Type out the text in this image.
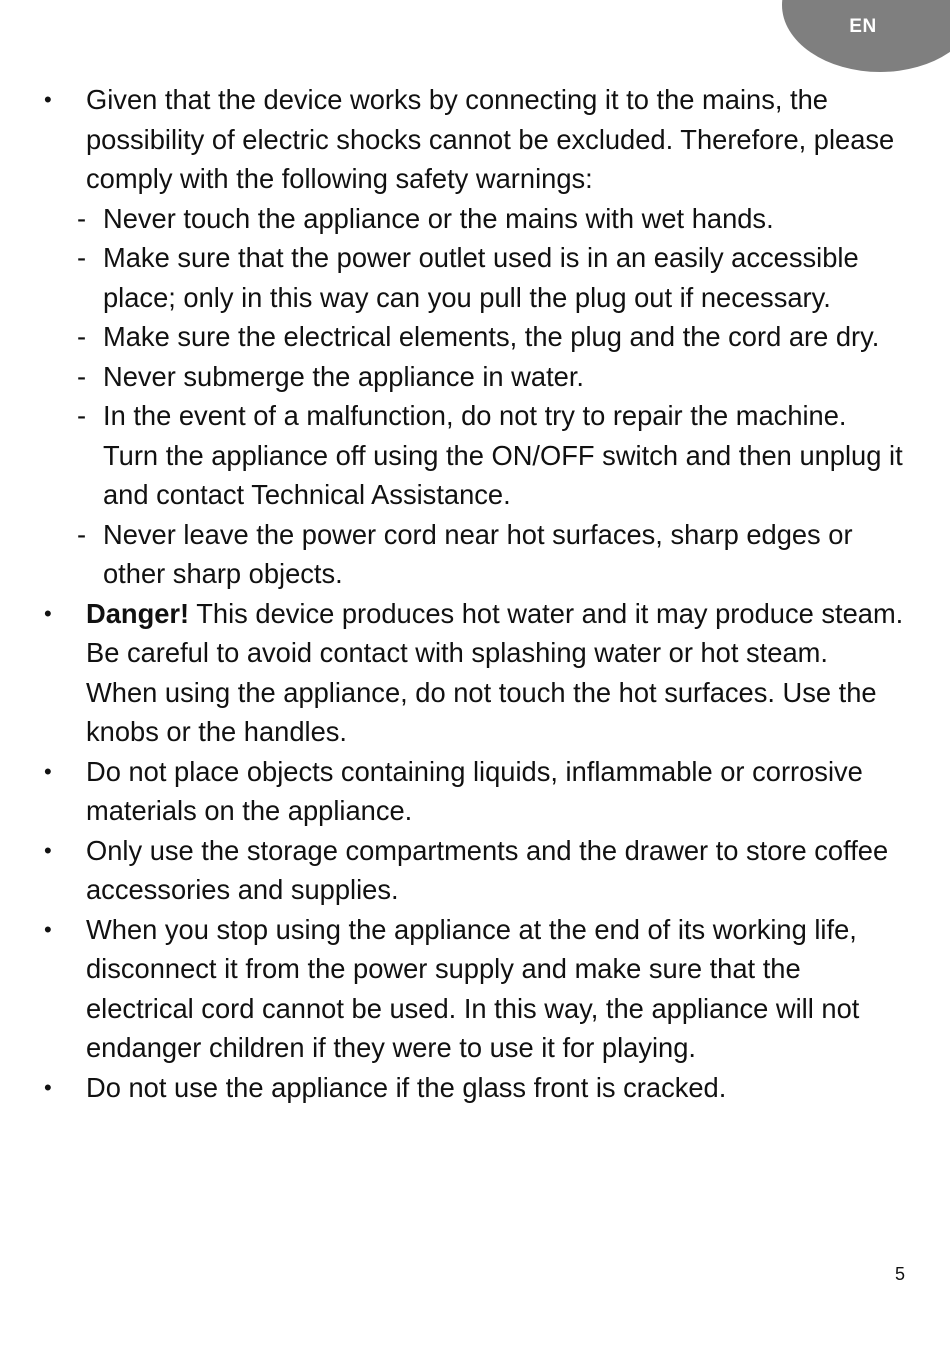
EN
• Given that the device works by connecting it to the mains, the possibility of electric shocks cannot be excluded. Therefore, please comply with the following safety warnings:
- Never touch the appliance or the mains with wet hands.
- Make sure that the power outlet used is in an easily accessible place; only in this way can you pull the plug out if necessary.
- Make sure the electrical elements, the plug and the cord are dry.
- Never submerge the appliance in water.
- In the event of a malfunction, do not try to repair the machine. Turn the appliance off using the ON/OFF switch and then unplug it and contact Technical Assistance.
- Never leave the power cord near hot surfaces, sharp edges or other sharp objects.
• Danger! This device produces hot water and it may produce steam. Be careful to avoid contact with splashing water or hot steam. When using the appliance, do not touch the hot surfaces. Use the knobs or the handles.
• Do not place objects containing liquids, inflammable or corrosive materials on the appliance.
• Only use the storage compartments and the drawer to store coffee accessories and supplies.
• When you stop using the appliance at the end of its working life, disconnect it from the power supply and make sure that the electrical cord cannot be used. In this way, the appliance will not endanger children if they were to use it for playing.
• Do not use the appliance if the glass front is cracked.
5
